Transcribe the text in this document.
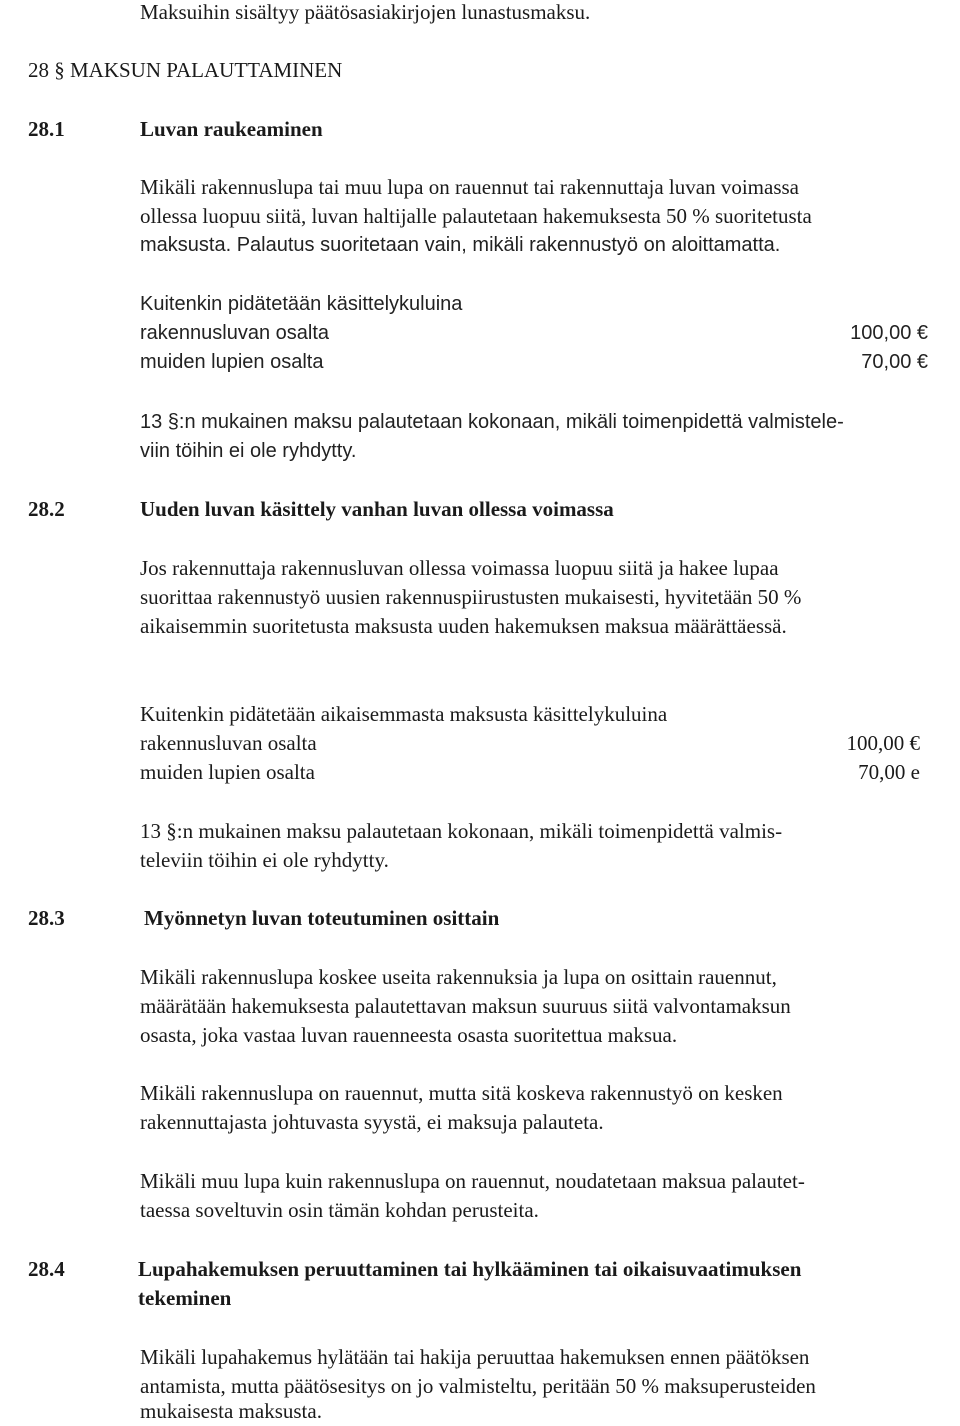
Maksuihin sisältyy päätösasiakirjojen lunastusmaksu.
28 § MAKSUN PALAUTTAMINEN
28.1	Luvan raukeaminen
Mikäli rakennuslupa tai muu lupa on rauennut tai rakennuttaja luvan voimassa
ollessa luopuu siitä, luvan haltijalle palautetaan hakemuksesta 50 % suoritetusta
maksusta. Palautus suoritetaan vain, mikäli rakennustyö on aloittamatta.
Kuitenkin pidätetään käsittelykuluina
rakennusluvan osalta	100,00 €
muiden lupien osalta	70,00 €
13 §:n mukainen maksu palautetaan kokonaan, mikäli toimenpidettä valmistele-
viin töihin ei ole ryhdytty.
28.2	Uuden luvan käsittely vanhan luvan ollessa voimassa
Jos rakennuttaja rakennusluvan ollessa voimassa luopuu siitä ja hakee lupaa
suorittaa rakennustyö uusien rakennuspiirustusten mukaisesti, hyvitetään 50 %
aikaisemmin suoritetusta maksusta uuden hakemuksen maksua määrättäessä.
Kuitenkin pidätetään aikaisemmasta maksusta käsittelykuluina
rakennusluvan osalta	100,00 €
muiden lupien osalta	70,00 e
13 §:n mukainen maksu palautetaan kokonaan, mikäli toimenpidettä valmis-
televiin töihin ei ole ryhdytty.
28.3	Myönnetyn luvan toteutuminen osittain
Mikäli rakennuslupa koskee useita rakennuksia ja lupa on osittain rauennut,
määrätään hakemuksesta palautettavan maksun suuruus siitä valvontamaksun
osasta, joka vastaa luvan rauenneesta osasta suoritettua maksua.
Mikäli rakennuslupa on rauennut, mutta sitä koskeva rakennustyö on kesken
rakennuttajasta johtuvasta syystä, ei maksuja palauteta.
Mikäli muu lupa kuin rakennuslupa on rauennut, noudatetaan maksua palautet-
taessa soveltuvin osin tämän kohdan perusteita.
28.4	Lupahakemuksen peruuttaminen tai hylkääminen tai oikaisuvaatimuksen
tekeminen
Mikäli lupahakemus hylätään tai hakija peruuttaa hakemuksen ennen päätöksen
antamista, mutta päätösesitys on jo valmisteltu, peritään 50 % maksuperusteiden
mukaisesta maksusta.
